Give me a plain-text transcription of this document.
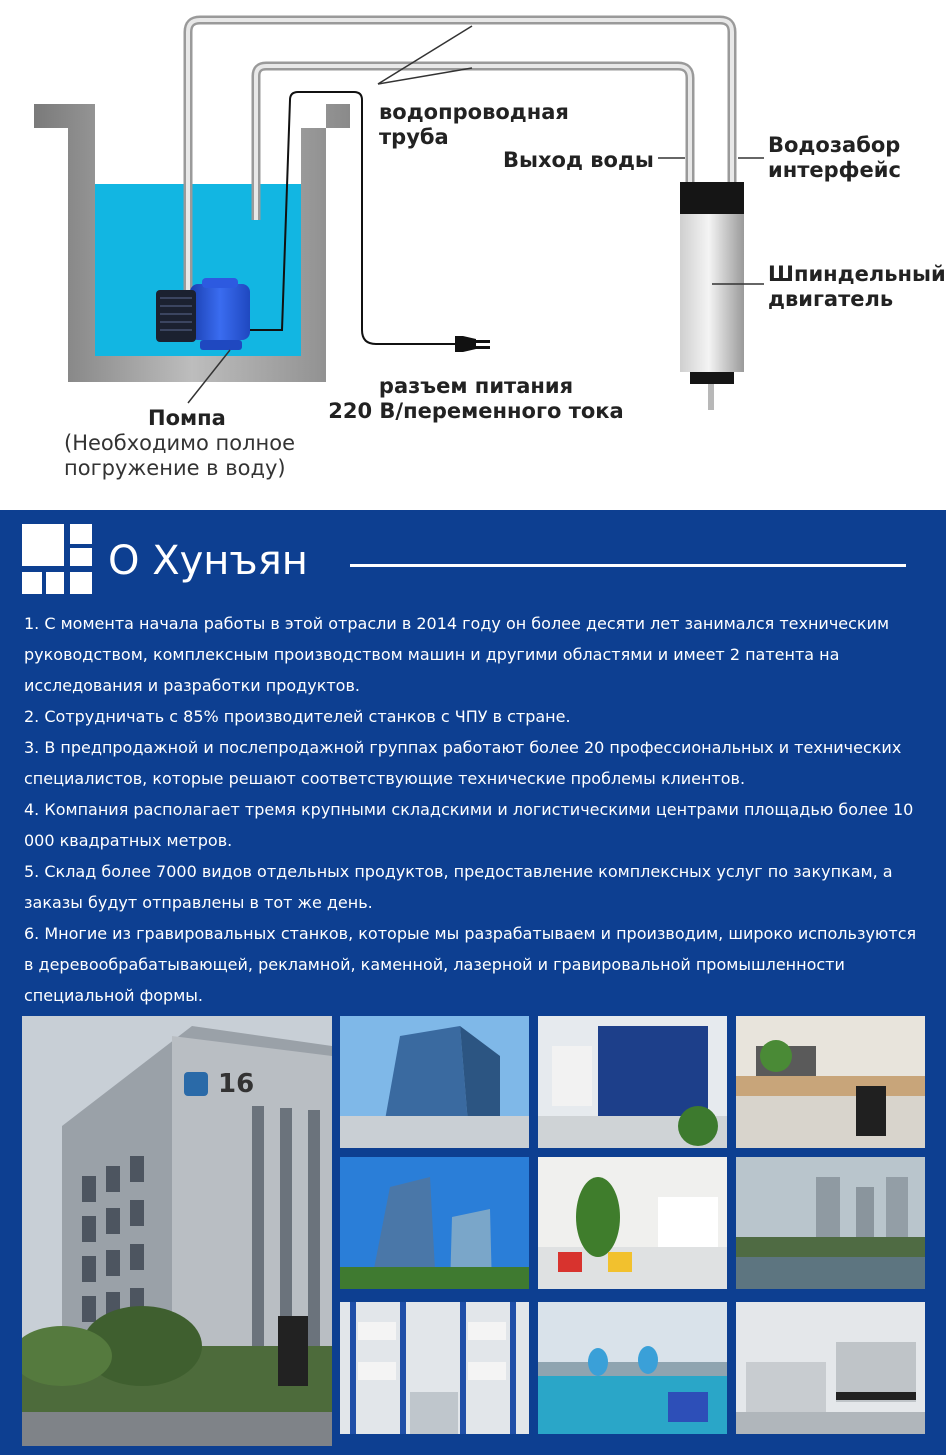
водопроводная
труба
Выход воды
Водозабор
интерфейс
Шпиндельный
двигатель
разъем питания
220 В/переменного тока
Помпа
(Необходимо полное
погружение в воду)
О Хунъян

1. С момента начала работы в этой отрасли в 2014 году он более десяти лет занимался техническим руководством, комплексным производством машин и другими областями и имеет 2 патента на исследования и разработки продуктов.

2. Сотрудничать с 85% производителей станков с ЧПУ в стране.

3. В предпродажной и послепродажной группах работают более 20 профессиональных и технических специалистов, которые решают соответствующие технические проблемы клиентов.

4. Компания располагает тремя крупными складскими и логистическими центрами площадью более 10 000 квадратных метров.

5. Склад более 7000 видов отдельных продуктов, предоставление комплексных услуг по закупкам, а заказы будут отправлены в тот же день.

6. Многие из гравировальных станков, которые мы разрабатываем и производим, широко используются в деревообрабатывающей, рекламной, каменной, лазерной и гравировальной промышленности специальной формы.

16
